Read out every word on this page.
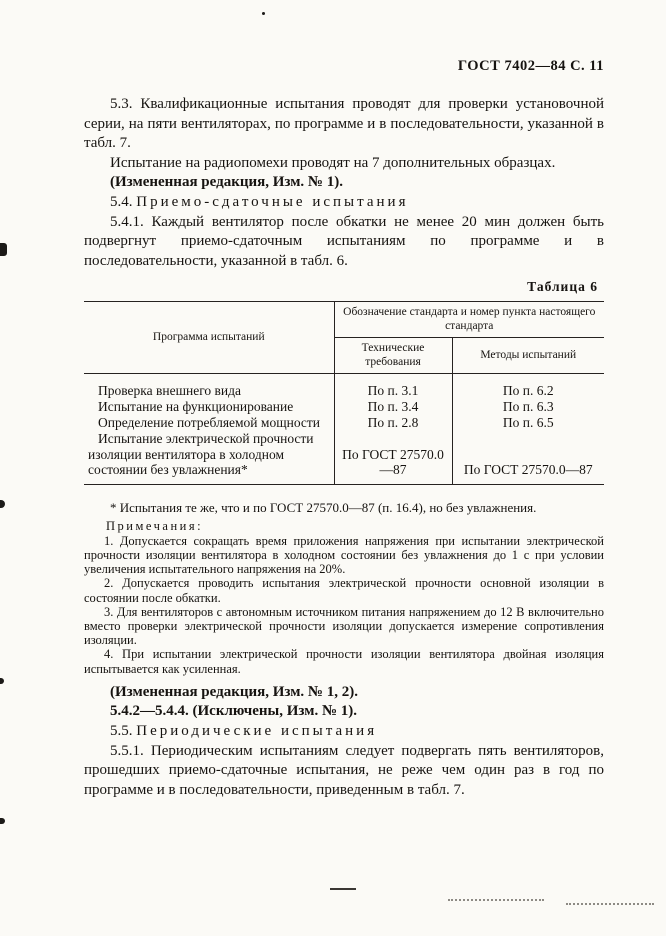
ГОСТ 7402—84 С. 11

5.3. Квалификационные испытания проводят для проверки установочной серии, на пяти вентиляторах, по программе и в последовательности, указанной в табл. 7.

Испытание на радиопомехи проводят на 7 дополнительных образцах.

(Измененная редакция, Изм. № 1).

5.4. Приемо-сдаточные испытания

5.4.1. Каждый вентилятор после обкатки не менее 20 мин должен быть подвергнут приемо-сдаточным испытаниям по программе и в последовательности, указанной в табл. 6.

Таблица 6
Программа испытаний	Обозначение стандарта и номер пункта настоящего стандарта	
	Технические требования	Методы испытаний
Проверка внешнего вида	По п. 3.1	По п. 6.2
Испытание на функционирование	По п. 3.4	По п. 6.3
Определение потребляемой мощности	По п. 2.8	По п. 6.5
Испытание электрической прочности изоляции вентилятора в холодном состоянии без увлажнения*	По ГОСТ 27570.0—87	По ГОСТ 27570.0—87

* Испытания те же, что и по ГОСТ 27570.0—87 (п. 16.4), но без увлажнения.

Примечания:

1. Допускается сокращать время приложения напряжения при испытании электрической прочности изоляции вентилятора в холодном состоянии без увлажнения до 1 с при условии увеличения испытательного напряжения на 20%.

2. Допускается проводить испытания электрической прочности основной изоляции в состоянии после обкатки.

3. Для вентиляторов с автономным источником питания напряжением до 12 В включительно вместо проверки электрической прочности изоляции допускается измерение сопротивления изоляции.

4. При испытании электрической прочности изоляции вентилятора двойная изоляция испытывается как усиленная.

(Измененная редакция, Изм. № 1, 2).

5.4.2—5.4.4. (Исключены, Изм. № 1).

5.5. Периодические испытания

5.5.1. Периодическим испытаниям следует подвергать пять вентиляторов, прошедших приемо-сдаточные испытания, не реже чем один раз в год по программе и в последовательности, приведенным в табл. 7.
